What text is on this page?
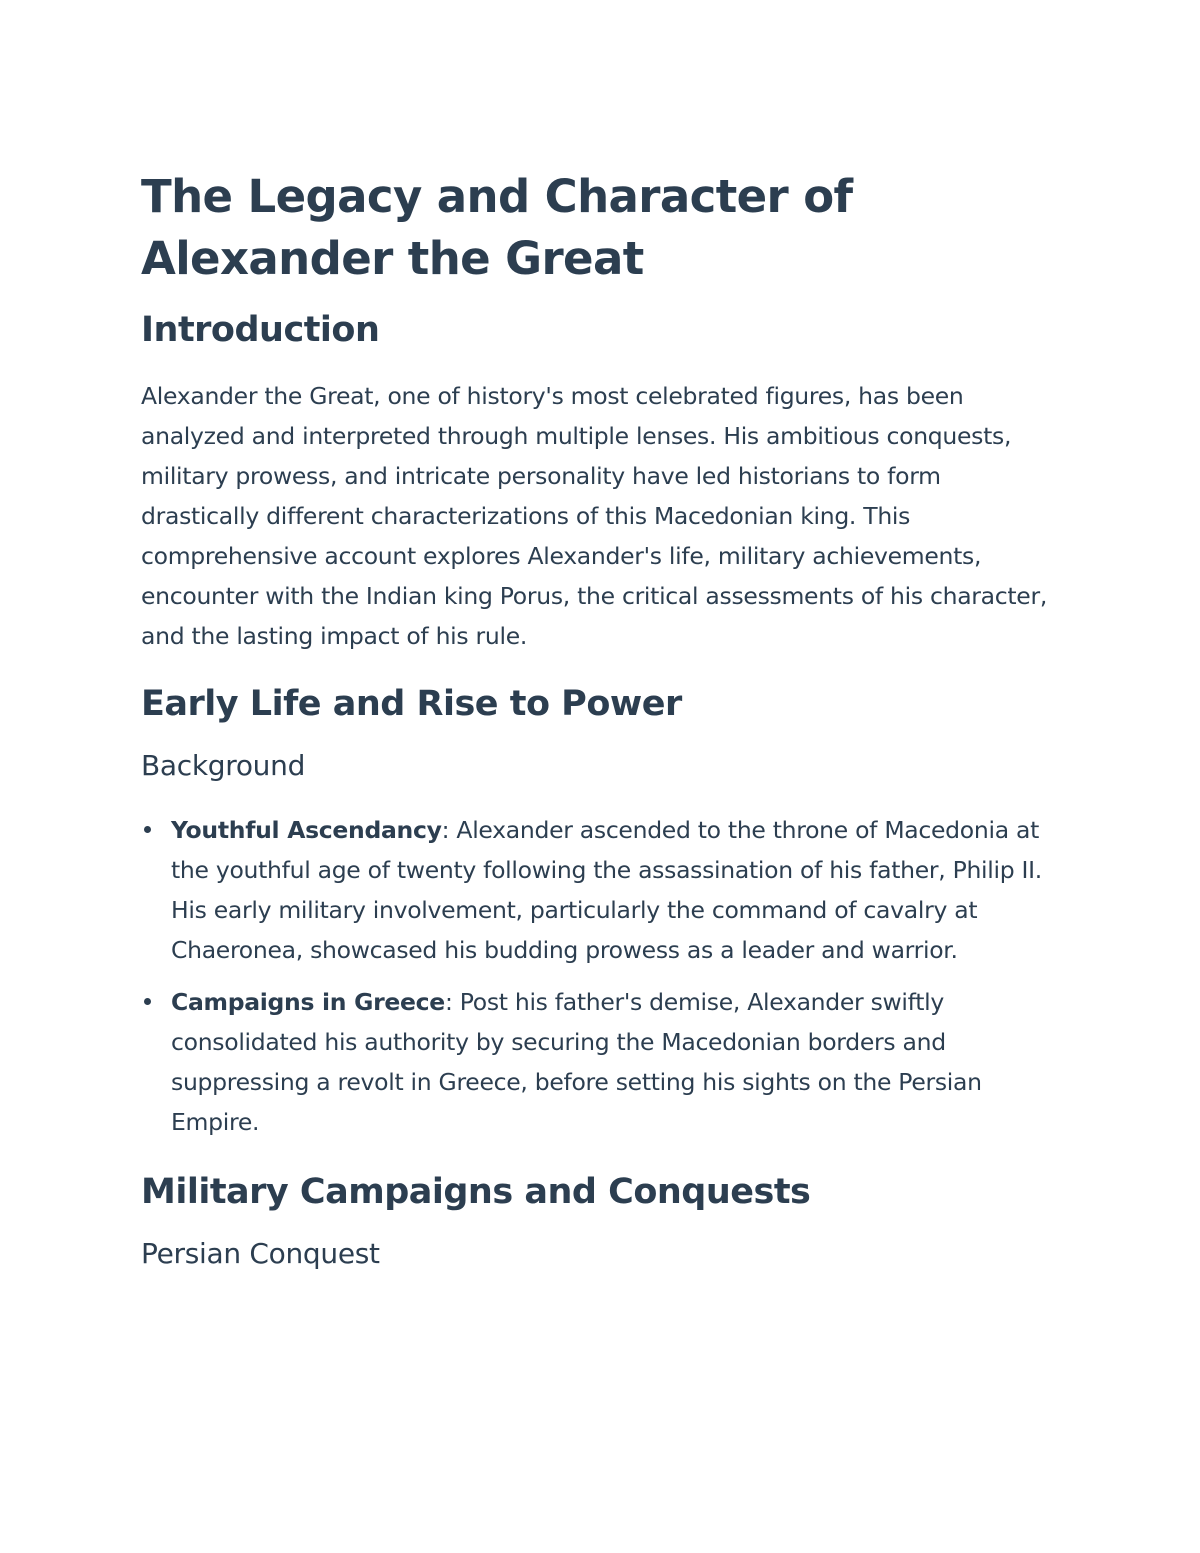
The Legacy and Character of Alexander the Great
Introduction

Alexander the Great, one of history's most celebrated figures, has been analyzed and interpreted through multiple lenses. His ambitious conquests, military prowess, and intricate personality have led historians to form drastically different characterizations of this Macedonian king. This comprehensive account explores Alexander's life, military achievements, encounter with the Indian king Porus, the critical assessments of his character, and the lasting impact of his rule.

Early Life and Rise to Power
Background
Youthful Ascendancy: Alexander ascended to the throne of Macedonia at the youthful age of twenty following the assassination of his father, Philip II. His early military involvement, particularly the command of cavalry at Chaeronea, showcased his budding prowess as a leader and warrior.
Campaigns in Greece: Post his father's demise, Alexander swiftly consolidated his authority by securing the Macedonian borders and suppressing a revolt in Greece, before setting his sights on the Persian Empire.
Military Campaigns and Conquests
Persian Conquest
